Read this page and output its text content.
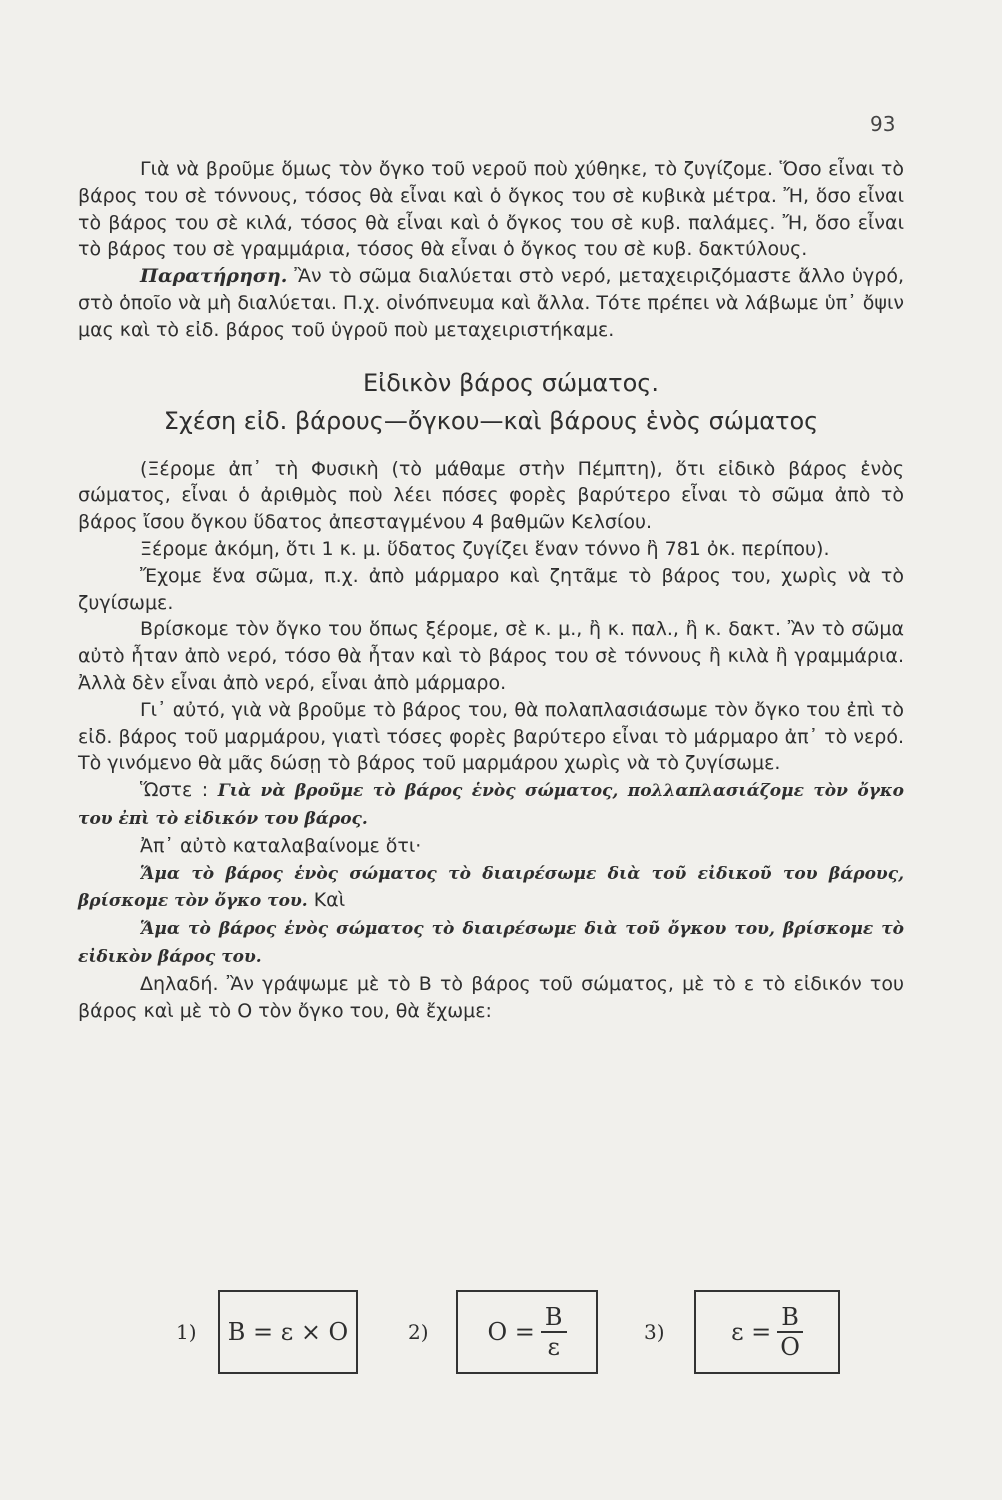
93

Γιὰ νὰ βροῦμε ὅμως τὸν ὄγκο τοῦ νεροῦ ποὺ χύθηκε, τὸ ζυγίζομε. Ὅσο εἶναι τὸ βάρος του σὲ τόννους, τόσος θὰ εἶναι καὶ ὁ ὄγκος του σὲ κυβικὰ μέτρα. Ἤ, ὅσο εἶναι τὸ βάρος του σὲ κιλά, τόσος θὰ εἶναι καὶ ὁ ὄγκος του σὲ κυβ. παλάμες. Ἤ, ὅσο εἶναι τὸ βάρος του σὲ γραμμάρια, τόσος θὰ εἶναι ὁ ὄγκος του σὲ κυβ. δακτύλους.

Παρατήρηση. Ἂν τὸ σῶμα διαλύεται στὸ νερό, μεταχειριζόμαστε ἄλλο ὑγρό, στὸ ὁποῖο νὰ μὴ διαλύεται. Π.χ. οἰνόπνευμα καὶ ἄλλα. Τότε πρέπει νὰ λάβωμε ὑπ᾿ ὄψιν μας καὶ τὸ εἰδ. βάρος τοῦ ὑγροῦ ποὺ μεταχειριστήκαμε.

Εἰδικὸν βάρος σώματος.
Σχέση εἰδ. βάρους—ὄγκου—καὶ βάρους ἑνὸς σώματος

(Ξέρομε ἀπ᾿ τὴ Φυσικὴ (τὸ μάθαμε στὴν Πέμπτη), ὅτι εἰδικὸ βάρος ἑνὸς σώματος, εἶναι ὁ ἀριθμὸς ποὺ λέει πόσες φορὲς βαρύτερο εἶναι τὸ σῶμα ἀπὸ τὸ βάρος ἴσου ὄγκου ὕδατος ἀπεσταγμένου 4 βαθμῶν Κελσίου.

Ξέρομε ἀκόμη, ὅτι 1 κ. μ. ὕδατος ζυγίζει ἕναν τόννο ἢ 781 ὀκ. περίπου).

Ἔχομε ἕνα σῶμα, π.χ. ἀπὸ μάρμαρο καὶ ζητᾶμε τὸ βάρος του, χωρὶς νὰ τὸ ζυγίσωμε.

Βρίσκομε τὸν ὄγκο του ὅπως ξέρομε, σὲ κ. μ., ἢ κ. παλ., ἢ κ. δακτ. Ἂν τὸ σῶμα αὐτὸ ἦταν ἀπὸ νερό, τόσο θὰ ἦταν καὶ τὸ βάρος του σὲ τόννους ἢ κιλὰ ἢ γραμμάρια. Ἀλλὰ δὲν εἶναι ἀπὸ νερό, εἶναι ἀπὸ μάρμαρο.

Γι᾿ αὐτό, γιὰ νὰ βροῦμε τὸ βάρος του, θὰ πολαπλασιάσωμε τὸν ὄγκο του ἐπὶ τὸ εἰδ. βάρος τοῦ μαρμάρου, γιατὶ τόσες φορὲς βαρύτερο εἶναι τὸ μάρμαρο ἀπ᾿ τὸ νερό. Τὸ γινόμενο θὰ μᾶς δώσῃ τὸ βάρος τοῦ μαρμάρου χωρὶς νὰ τὸ ζυγίσωμε.

Ὥστε : Γιὰ νὰ βροῦμε τὸ βάρος ἑνὸς σώματος, πολλαπλασιάζομε τὸν ὄγκο του ἐπὶ τὸ εἰδικόν του βάρος.

Ἀπ᾿ αὐτὸ καταλαβαίνομε ὅτι·

Ἅμα τὸ βάρος ἑνὸς σώματος τὸ διαιρέσωμε διὰ τοῦ εἰδικοῦ του βάρους, βρίσκομε τὸν ὄγκο του. Καὶ

Ἅμα τὸ βάρος ἑνὸς σώματος τὸ διαιρέσωμε διὰ τοῦ ὄγκου του, βρίσκομε τὸ εἰδικὸν βάρος του.

Δηλαδή. Ἂν γράψωμε μὲ τὸ Β τὸ βάρος τοῦ σώματος, μὲ τὸ ε τὸ εἰδικόν του βάρος καὶ μὲ τὸ Ο τὸν ὄγκο του, θὰ ἔχωμε:

1) Β = ε × Ο	2) $O = \frac{B}{\varepsilon}$	3)	$\varepsilon = \frac{B}{O}$
